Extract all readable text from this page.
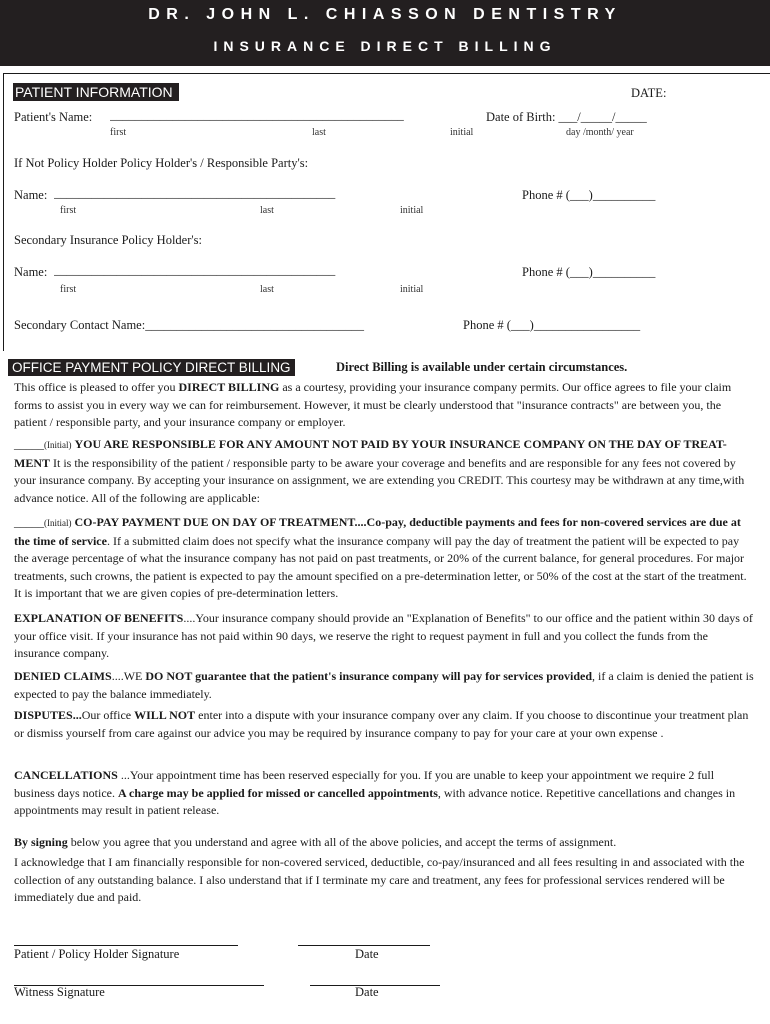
DR. JOHN L. CHIASSON DENTISTRY
INSURANCE DIRECT BILLING
PATIENT INFORMATION	DATE:
Patient's Name: _______________________________________________	Date of Birth: ___/_____/_____
first	last	initial	day /month/ year
If Not Policy Holder Policy Holder's / Responsible Party's:
Name: _____________________________________________	Phone # (___)__________
first	last	initial
Secondary Insurance Policy Holder's:
Name: _____________________________________________	Phone # (___)__________
first	last	initial
Secondary Contact Name:___________________________________	Phone # (___)_________________
OFFICE PAYMENT POLICY DIRECT BILLING	Direct Billing is available under certain circumstances.
This office is pleased to offer you DIRECT BILLING as a courtesy, providing your insurance company permits. Our office agrees to file your claim forms to assist you in every way we can for reimbursement. However, it must be clearly understood that "insurance contracts" are between you, the patient / responsible party, and your insurance company or employer.
_____(Initial) YOU ARE RESPONSIBLE FOR ANY AMOUNT NOT PAID BY YOUR INSURANCE COMPANY ON THE DAY OF TREAT-MENT It is the responsibility of the patient / responsible party to be aware your coverage and benefits and are responsible for any fees not covered by your insurance company. By accepting your insurance on assignment, we are extending you CREDIT. This courtesy may be withdrawn at any time,with advance notice. All of the following are applicable:
_____(Initial) CO-PAY PAYMENT DUE ON DAY OF TREATMENT....Co-pay, deductible payments and fees for non-covered services are due at the time of service. If a submitted claim does not specify what the insurance company will pay the day of treatment the patient will be expected to pay the average percentage of what the insurance company has not paid on past treatments, or 20% of the current balance, for general procedures. For major treatments, such crowns, the patient is expected to pay the amount specified on a pre-determination letter, or 50% of the cost at the start of the treatment. It is important that we are given copies of pre-determination letters.
EXPLANATION OF BENEFITS....Your insurance company should provide an "Explanation of Benefits" to our office and the patient within 30 days of your office visit. If your insurance has not paid within 90 days, we reserve the right to request payment in full and you collect the funds from the insurance company.
DENIED CLAIMS....WE DO NOT guarantee that the patient's insurance company will pay for services provided, if a claim is denied the patient is expected to pay the balance immediately.
DISPUTES...Our office WILL NOT enter into a dispute with your insurance company over any claim. If you choose to discontinue your treatment plan or dismiss yourself from care against our advice you may be required by insurance company to pay for your care at your own expense .
CANCELLATIONS ...Your appointment time has been reserved especially for you. If you are unable to keep your appointment we require 2 full business days notice. A charge may be applied for missed or cancelled appointments, with advance notice. Repetitive cancellations and changes in appointments may result in patient release.
By signing below you agree that you understand and agree with all of the above policies, and accept the terms of assignment.
I acknowledge that I am financially responsible for non-covered serviced, deductible, co-pay/insuranced and all fees resulting in and associated with the collection of any outstanding balance. I also understand that if I terminate my care and treatment, any fees for professional services rendered will be immediately due and paid.
Patient / Policy Holder Signature	Date
Witness Signature	Date
